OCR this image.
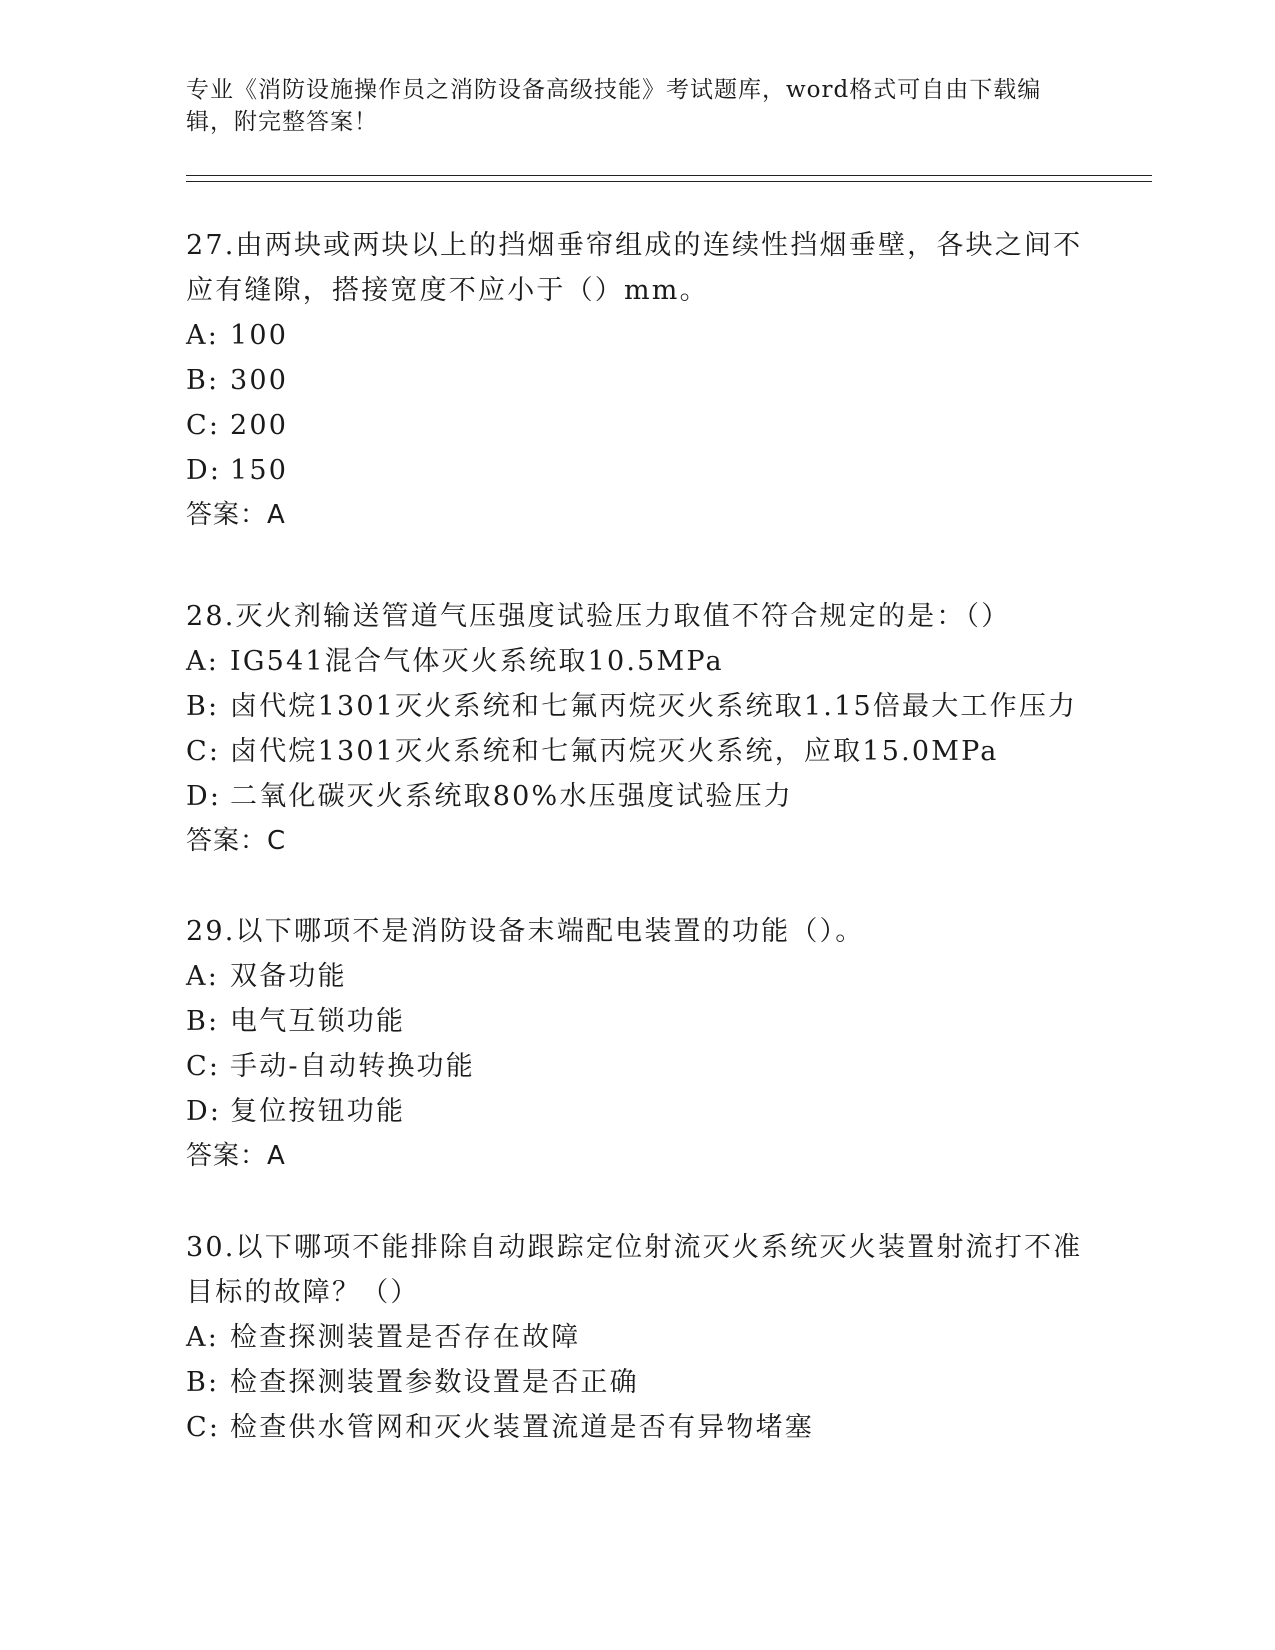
专业《消防设施操作员之消防设备高级技能》考试题库，word格式可自由下载编
辑，附完整答案！
27.由两块或两块以上的挡烟垂帘组成的连续性挡烟垂壁，各块之间不
应有缝隙，搭接宽度不应小于（）mm。
A: 100
B: 300
C: 200
D: 150
答案：A
28.灭火剂输送管道气压强度试验压力取值不符合规定的是：（）
A: IG541混合气体灭火系统取10.5MPa
B: 卤代烷1301灭火系统和七氟丙烷灭火系统取1.15倍最大工作压力
C: 卤代烷1301灭火系统和七氟丙烷灭火系统，应取15.0MPa
D: 二氧化碳灭火系统取80%水压强度试验压力
答案：C
29.以下哪项不是消防设备末端配电装置的功能（）。
A: 双备功能
B: 电气互锁功能
C: 手动-自动转换功能
D: 复位按钮功能
答案：A
30.以下哪项不能排除自动跟踪定位射流灭火系统灭火装置射流打不准
目标的故障？（）
A: 检查探测装置是否存在故障
B: 检查探测装置参数设置是否正确
C: 检查供水管网和灭火装置流道是否有异物堵塞
